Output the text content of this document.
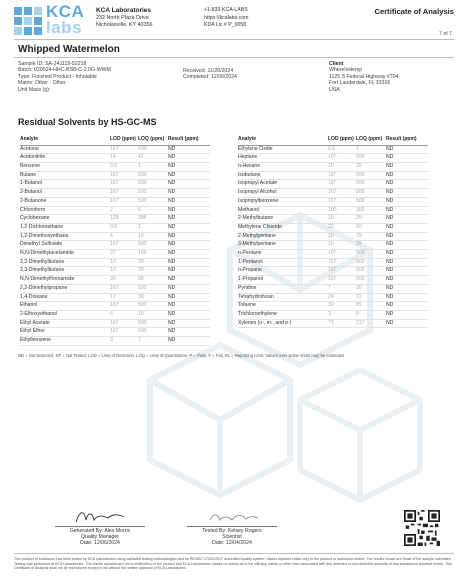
KCA
labs
KCA Laboratories
232 North Plaza Drive
Nicholasville, KY 40356
+1-833-KCA-LABS
https://kcalabs.com
KDA Lic # P_0058
Certificate of Analysis
7 of 7
Whipped Watermelon
Sample ID: SA-241119-52218
Batch: 020524-HHC-BSB-C-2.0G-WWM
Type: Finished Product - Inhalable
Matrix: Other - Other
Unit Mass (g):
Received: 11/20/2024
Completed: 12/06/2024
Client
WhereIsHemp
1125 S Federal Highway #704
Fort Lauderdale, FL 33316
USA
Residual Solvents by HS-GC-MS
Analyte	LOD (ppm)	LOQ (ppm)	Result (ppm)
Acetone	167	500	ND
Acetonitrile	14	41	ND
Benzene	0.5	1	ND
Butane	167	500	ND
1-Butanol	167	500	ND
2-Butanol	167	500	ND
2-Butanone	167	500	ND
Chloroform	2	6	ND
Cyclohexane	129	388	ND
1,2-Dichloroethane	0.5	1	ND
1,2-Dimethoxyethane	4	10	ND
Dimethyl Sulfoxide	167	500	ND
N,N-Dimethylacetamide	37	109	ND
2,2-Dimethylbutane	10	29	ND
2,3-Dimethylbutane	10	29	ND
N,N-Dimethylformamide	30	88	ND
2,2-Dimethylpropane	167	500	ND
1,4-Dioxane	13	38	ND
Ethanol	167	500	ND
2-Ethoxyethanol	6	16	ND
Ethyl Acetate	167	500	ND
Ethyl Ether	167	500	ND
Ethylbenzene	3	7	ND
Analyte	LOD (ppm)	LOQ (ppm)	Result (ppm)
Ethylene Oxide	0.5	1	ND
Heptane	167	500	ND
n-Hexane	10	29	ND
Isobutane	167	500	ND
Isopropyl Acetate	167	500	ND
Isopropyl Alcohol	167	500	ND
Isopropylbenzene	167	500	ND
Methanol	100	300	ND
2-Methylbutane	10	29	ND
Methylene Chloride	20	60	ND
2-Methylpentane	10	29	ND
3-Methylpentane	10	29	ND
n-Pentane	167	500	ND
1-Pentanol	167	500	ND
n-Propane	167	500	ND
1-Propanol	167	500	ND
Pyridine	7	20	ND
Tetrahydrofuran	24	72	ND
Toluene	30	89	ND
Trichloroethylene	3	8	ND
Xylenes (o-, m-, and p-)	73	217	ND
ND = Not Detected, NT = Not Tested, LOD = Limit of Detection, LOQ = Limit of Quantitation, P = Pass, F = Fail, RL = Reporting Limit, Values over action limits may be estimates
Generated By: Alex Morris
Quality Manager
Date: 12/06/2024
Tested By: Kelsey Rogers
Scientist
Date: 12/04/2024
This product or substance has been tested by KCA Laboratories using validated testing methodologies and an ISO/IEC 17025:2017 accredited quality system. Values reported relate only to the product or substance tested. The results shown are those of the sample submitted. Testing was performed at KCA Laboratories. The results reported are not a certification of the product and KCA Laboratories makes no claims as to the efficacy, safety or other risks associated with any detected or non-detected amounts of any substances reported herein. This Certificate of Analysis shall not be reproduced except in full without the written approval of KCA Laboratories.
